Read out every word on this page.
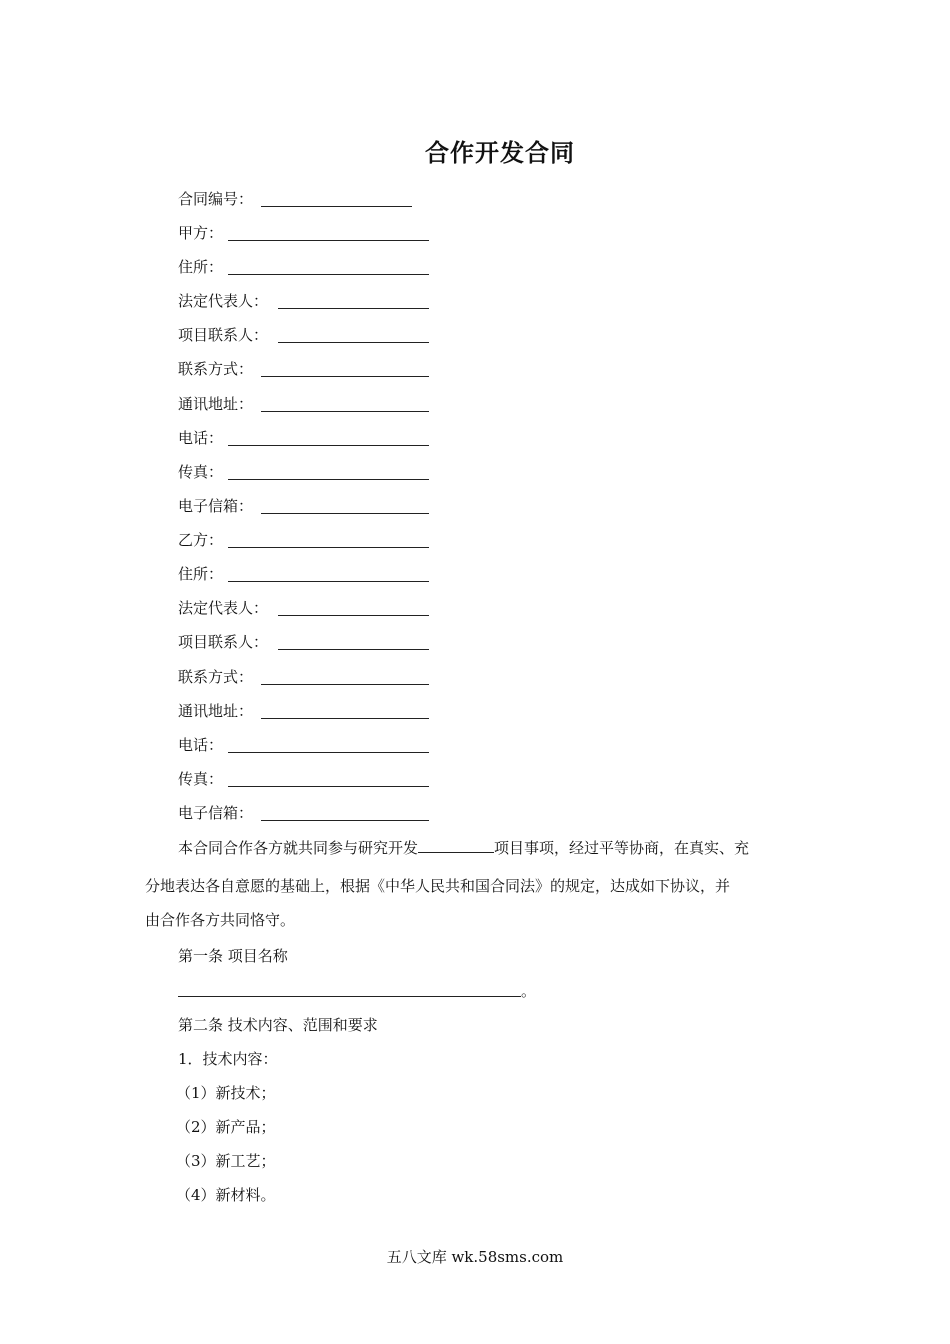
合作开发合同
合同编号：
甲方：
住所：
法定代表人：
项目联系人：
联系方式：
通讯地址：
电话：
传真：
电子信箱：
乙方：
住所：
法定代表人：
项目联系人：
联系方式：
通讯地址：
电话：
传真：
电子信箱：
本合同合作各方就共同参与研究开发	项目事项，经过平等协商，在真实、充
分地表达各自意愿的基础上，根据《中华人民共和国合同法》的规定，达成如下协议，并
由合作各方共同恪守。
第一条 项目名称
。
第二条 技术内容、范围和要求
1．技术内容：
（1）新技术；
（2）新产品；
（3）新工艺；
（4）新材料。
五八文库 wk.58sms.com
